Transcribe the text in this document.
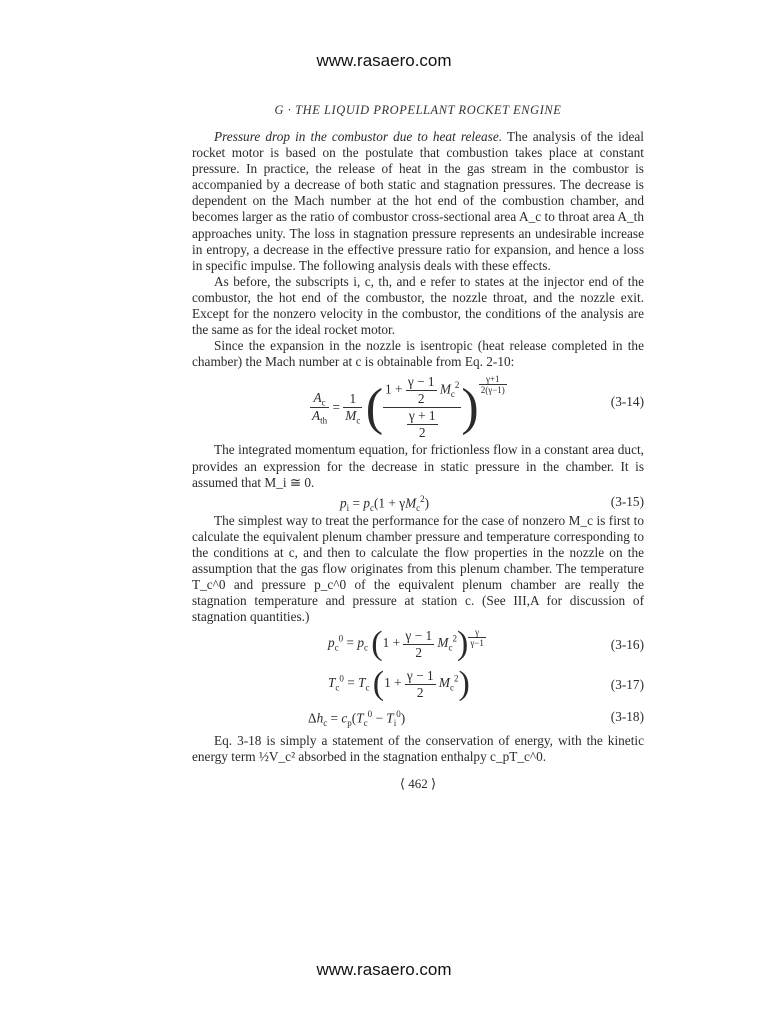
www.rasaero.com
G · THE LIQUID PROPELLANT ROCKET ENGINE

Pressure drop in the combustor due to heat release. The analysis of the ideal rocket motor is based on the postulate that combustion takes place at constant pressure. In practice, the release of heat in the gas stream in the combustor is accompanied by a decrease of both static and stagnation pressures. The decrease is dependent on the Mach number at the hot end of the combustion chamber, and becomes larger as the ratio of combustor cross-sectional area A_c to throat area A_th approaches unity. The loss in stagnation pressure represents an undesirable increase in entropy, a decrease in the effective pressure ratio for expansion, and hence a loss in specific impulse. The following analysis deals with these effects.

As before, the subscripts i, c, th, and e refer to states at the injector end of the combustor, the hot end of the combustor, the nozzle throat, and the nozzle exit. Except for the nonzero velocity in the combustor, the conditions of the analysis are the same as for the ideal rocket motor.

Since the expansion in the nozzle is isentropic (heat release completed in the chamber) the Mach number at c is obtainable from Eq. 2-10:

$\frac{A_c}{A_{th}} = \frac{1}{M_c}$ ( $\frac{1 + \frac{\gamma - 1}{2} M_c^2}{\frac{\gamma + 1}{2}}$ ) $^{\frac{\gamma+1}{2(\gamma-1)}}$
(3-14)

The integrated momentum equation, for frictionless flow in a constant area duct, provides an expression for the decrease in static pressure in the chamber. It is assumed that M_i ≅ 0.

$p_i = p_c(1 + \gamma M_c^2)$	(3-15)

The simplest way to treat the performance for the case of nonzero M_c is first to calculate the equivalent plenum chamber pressure and temperature corresponding to the conditions at c, and then to calculate the flow properties in the nozzle on the assumption that the gas flow originates from this plenum chamber. The temperature T_c^0 and pressure p_c^0 of the equivalent plenum chamber are really the stagnation temperature and pressure at station c. (See III,A for discussion of stagnation quantities.)

$p_c^0 = p_c$ $(1 + \frac{\gamma - 1}{2} M_c^2)$ $^{\frac{\gamma}{\gamma-1}}$	(3-16)
$T_c^0 = T_c$ $(1 + \frac{\gamma - 1}{2} M_c^2)$	(3-17)
$\Delta h_c = c_p(T_c^0 - T_i^0)$	(3-18)

Eq. 3-18 is simply a statement of the conservation of energy, with the kinetic energy term ½V_c² absorbed in the stagnation enthalpy c_pT_c^0.

⟨ 462 ⟩
www.rasaero.com
